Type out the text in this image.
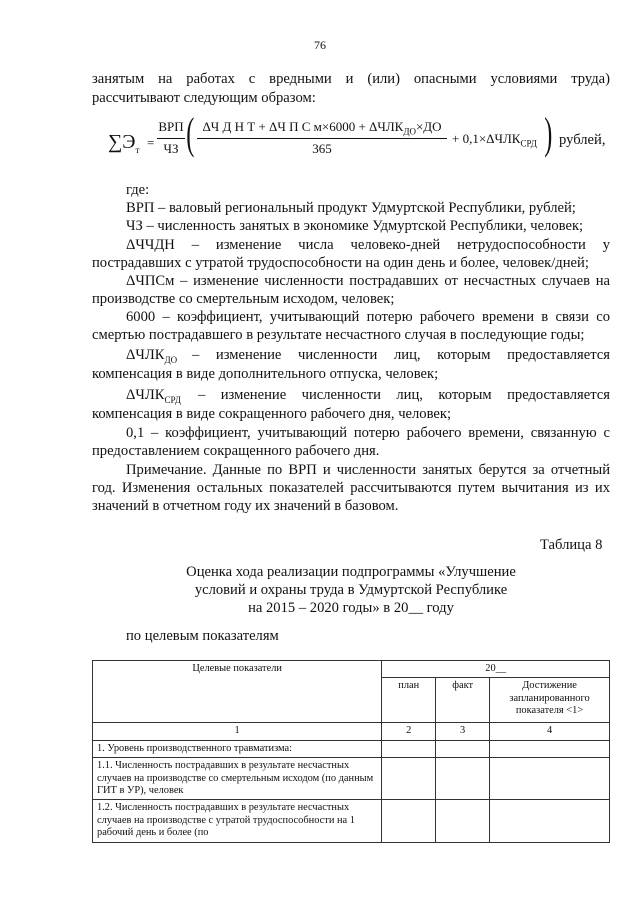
76
занятым на работах с вредными и (или) опасными условиями труда)
рассчитывают следующим образом:
$\sum Э_т$ =
ВРП
ЧЗ ( ΔЧ Д Н Т + ΔЧ П С $м\times 6000 + \Delta ЧЛК_{ДО}\times ДО$
365
+ $0,1\times\Delta ЧЛК_{СРД}$ ) рублей,
где:
ВРП – валовый региональный продукт Удмуртской Республики, рублей;
ЧЗ – численность занятых в экономике Удмуртской Республики, человек;
ΔЧЧДН – изменение числа человеко-дней нетрудоспособности у
пострадавших с утратой трудоспособности на один день и более, человек/дней;
ΔЧПСм – изменение численности пострадавших от несчастных случаев на
производстве со смертельным исходом, человек;
6000 – коэффициент, учитывающий потерю рабочего времени в связи со
смертью пострадавшего в результате несчастного случая в последующие годы;
$\Delta ЧЛК_{ДО}$ – изменение численности лиц, которым предоставляется
компенсация в виде дополнительного отпуска, человек;
$\Delta ЧЛК_{СРД}$ – изменение численности лиц, которым предоставляется
компенсация в виде сокращенного рабочего дня, человек;
0,1 – коэффициент, учитывающий потерю рабочего времени, связанную с
предоставлением сокращенного рабочего дня.
Примечание. Данные по ВРП и численности занятых берутся за отчетный
год. Изменения остальных показателей рассчитываются путем вычитания из их
значений в отчетном году их значений в базовом.
Таблица 8
Оценка хода реализации подпрограммы «Улучшение
условий и охраны труда в Удмуртской Республике
на 2015 – 2020 годы» в 20__ году
по целевым показателям
Целевые показатели	20__		
	план	факт	Достижение запланированного показателя <1>
1	2	3	4
1. Уровень производственного травматизма:			
1.1. Численность пострадавших в результате несчастных случаев на производстве со смертельным исходом (по данным ГИТ в УР), человек			
1.2. Численность пострадавших в результате несчастных случаев на производстве с утратой трудоспособности на 1 рабочий день и более (по			
